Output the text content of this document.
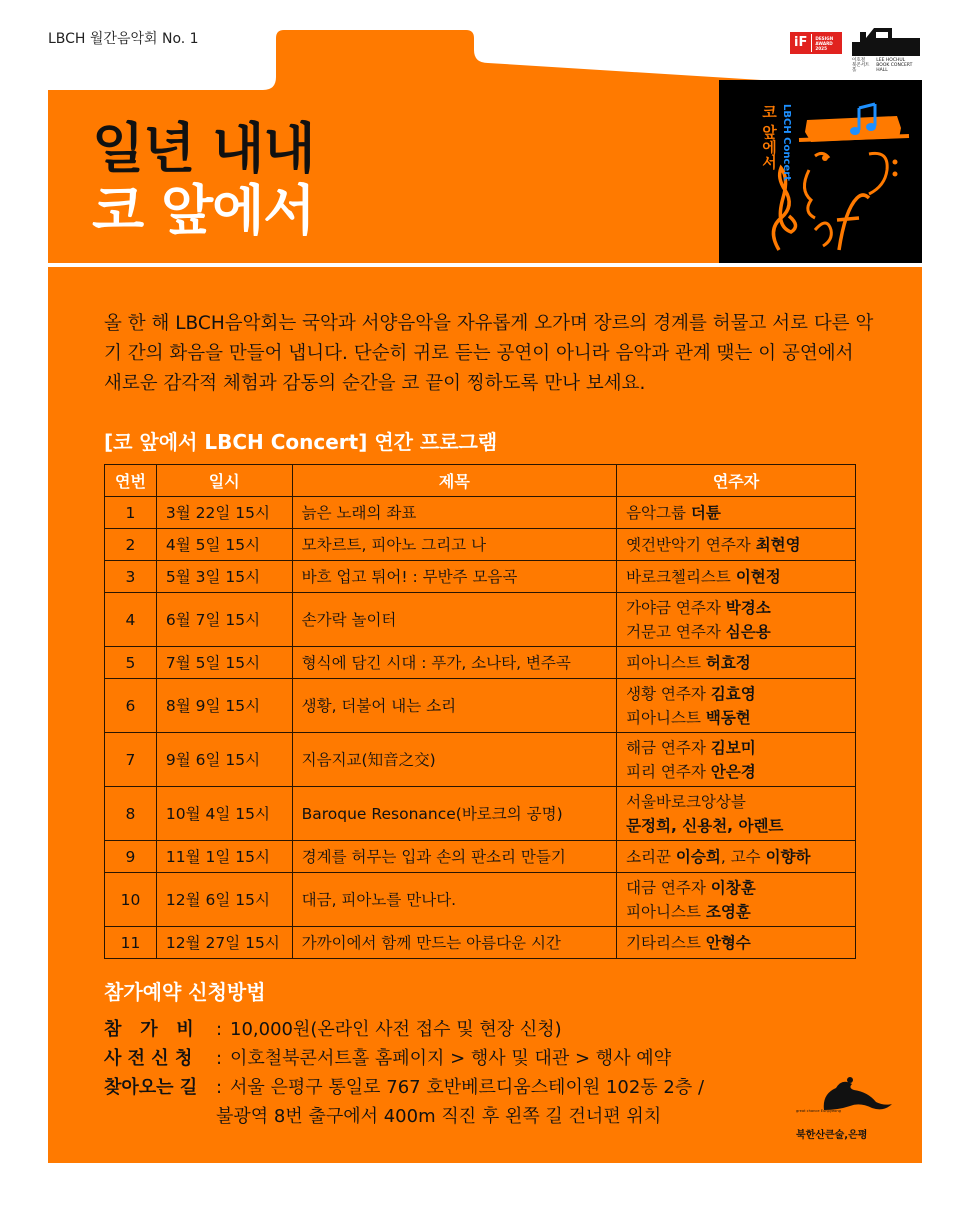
LBCH 월간음악회 No. 1	iF	DESIGN AWARD 2025
이호철
북콘서트홀
LEE HOCHUL
BOOK CONCERT HALL
일년 내내
코 앞에서
코 앞에서 LBCH Concert

올 한 해 LBCH음악회는 국악과 서양음악을 자유롭게 오가며 장르의 경계를 허물고 서로 다른 악기 간의 화음을 만들어 냅니다. 단순히 귀로 듣는 공연이 아니라 음악과 관계 맺는 이 공연에서 새로운 감각적 체험과 감동의 순간을 코 끝이 찡하도록 만나 보세요.

[코 앞에서 LBCH Concert] 연간 프로그램
연번	일시	제목	연주자
1	3월 22일 15시	늙은 노래의 좌표	음악그룹 더튠

2	4월 5일 15시	모차르트, 피아노 그리고 나	옛건반악기 연주자 최현영

3	5월 3일 15시	바흐 업고 튀어! : 무반주 모음곡	바로크첼리스트 이현정

4	6월 7일 15시	손가락 놀이터	가야금 연주자 박경소
거문고 연주자 심은용

5	7월 5일 15시	형식에 담긴 시대 : 푸가, 소나타, 변주곡	피아니스트 허효정

6	8월 9일 15시	생황, 더불어 내는 소리	생황 연주자 김효영
피아니스트 백동현

7	9월 6일 15시	지음지교(知音之交)	해금 연주자 김보미
피리 연주자 안은경

8	10월 4일 15시	Baroque Resonance(바로크의 공명)	서울바로크앙상블
문정희, 신용천, 아렌트

9	11월 1일 15시	경계를 허무는 입과 손의 판소리 만들기	소리꾼 이승희, 고수 이향하

10	12월 6일 15시	대금, 피아노를 만나다.	대금 연주자 이창훈
피아니스트 조영훈

11	12월 27일 15시	가까이에서 함께 만드는 아름다운 시간	기타리스트 안형수
참가예약 신청방법
참   가   비	: 10,000원(온라인 사전 접수 및 현장 신청)
사 전 신 청	: 이호철북콘서트홀 홈페이지 > 행사 및 대관 > 행사 예약
찾아오는 길	: 서울 은평구 통일로 767 호반베르디움스테이원 102동 2층 /
불광역 8번 출구에서 400m 직진 후 왼쪽 길 건너편 위치	great chance Eunpyeong
북한산큰술,은평
